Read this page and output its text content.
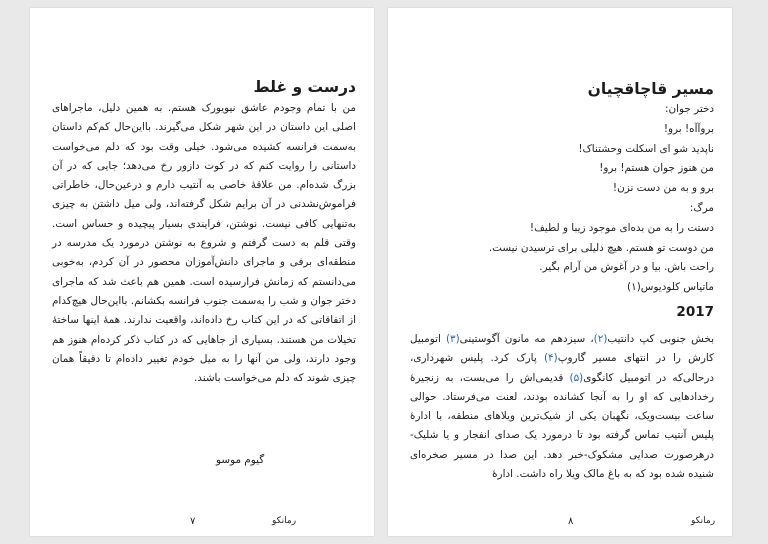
درست و غلط

من با تمام وجودم عاشق نیویورک هستم. به همین دلیل، ماجراهای اصلی این داستان در این شهر شکل می‌گیرند. بااین‌حال کم‌کم داستان به‌سمت فرانسه کشیده می‌شود. خیلی وقت بود که دلم می‌خواست داستانی را روایت کنم که در کوت دازور رخ می‌دهد؛ جایی که در آن بزرگ شده‌ام. من علاقهٔ خاصی به آنتیب دارم و درعین‌حال، خاطراتی فراموش‌نشدنی در آن برایم شکل گرفته‌اند، ولی میل داشتن به چیزی به‌تنهایی کافی نیست. نوشتن، فرایندی بسیار پیچیده و حساس است. وقتی قلم به دست گرفتم و شروع به نوشتن درمورد یک مدرسه در منطقه‌ای برفی و ماجرای دانش‌آموزان محصور در آن کردم، به‌خوبی می‌دانستم که زمانش فرارسیده است. همین هم باعث شد که ماجرای دختر جوان و شب را به‌سمت جنوب فرانسه بکشانم. بااین‌حال هیچ‌کدام از اتفاقاتی که در این کتاب رخ داده‌اند، واقعیت ندارند. همهٔ اینها ساختهٔ تخیلات من هستند. بسیاری از جاهایی که در کتاب ذکر کرده‌ام هنوز هم وجود دارند، ولی من آنها را به میل خودم تغییر داده‌ام تا دقیقاً همان چیزی شوند که دلم می‌خواست باشند.

گیوم موسو
۷	رمانکو
مسیر قاچاقچیان
دختر جوان:
بروآآه! برو!
ناپدید شو ای اسکلت وحشتناک!
من هنوز جوان هستم! برو!
برو و به من دست نزن!
مرگ:
دستت را به من بده‌ای موجود زیبا و لطیف!
من دوست تو هستم. هیچ دلیلی برای ترسیدن نیست.
راحت باش. بیا و در آغوش من آرام بگیر.
ماتیاس کلودیوس(۱)
2017

بخش جنوبی کپ دانتیب(۲)، سیزدهم مه مانون آگوستینی(۳) اتومبیل کارش را در انتهای مسیر گاروپ(۴) پارک کرد. پلیس شهرداری، درحالی‌که در اتومبیل کانگوی(۵) قدیمی‌اش را می‌بست، به زنجیرهٔ رخدادهایی که او را به آنجا کشانده بودند، لعنت می‌فرستاد. حوالی ساعت بیست‌ویک، نگهبان یکی از شیک‌ترین ویلاهای منطقه، با ادارهٔ پلیس آنتیب تماس گرفته بود تا درمورد یک صدای انفجار و یا شلیک-درهرصورت صدایی مشکوک-خبر دهد. این صدا در مسیر صخره‌ای شنیده شده بود که به باغ مالک ویلا راه داشت. ادارهٔ

۸	رمانکو
